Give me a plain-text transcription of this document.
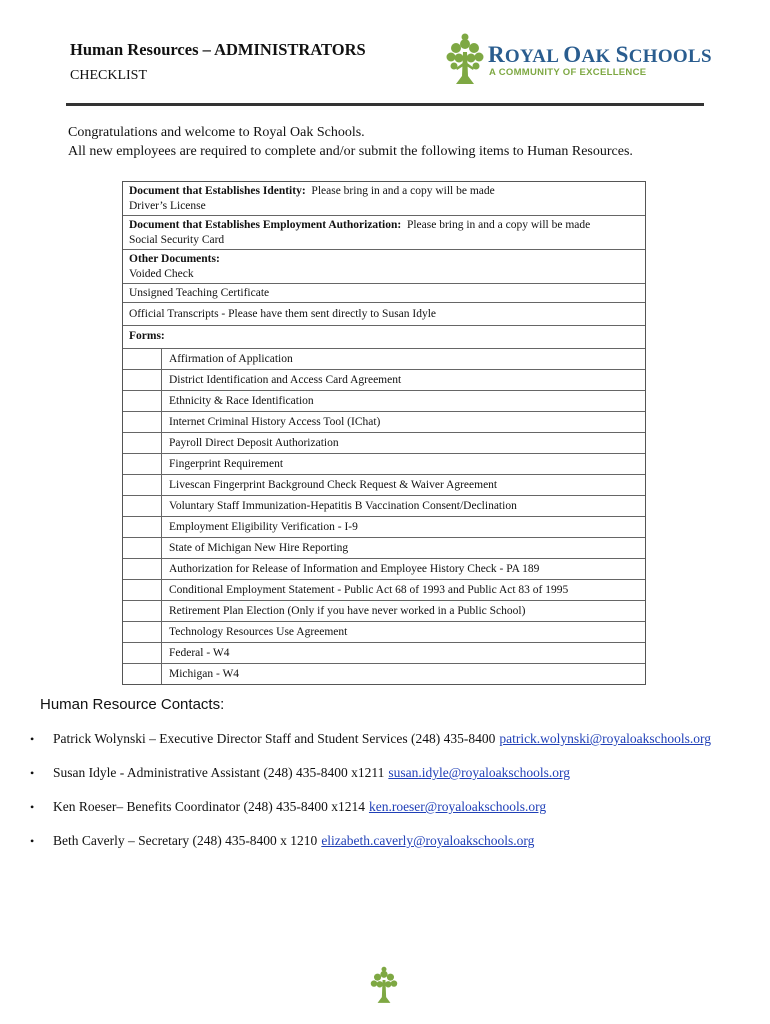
Human Resources – ADMINISTRATORS
CHECKLIST
ROYAL OAK SCHOOLS
A COMMUNITY OF EXCELLENCE
Congratulations and welcome to Royal Oak Schools.
All new employees are required to complete and/or submit the following items to Human Resources.
Document that Establishes Identity: Please bring in and a copy will be made
Driver’s License
Document that Establishes Employment Authorization: Please bring in and a copy will be made
Social Security Card
Other Documents:
Voided Check
Unsigned Teaching Certificate
Official Transcripts - Please have them sent directly to Susan Idyle
Forms:
Affirmation of Application
District Identification and Access Card Agreement
Ethnicity & Race Identification
Internet Criminal History Access Tool (IChat)
Payroll Direct Deposit Authorization
Fingerprint Requirement
Livescan Fingerprint Background Check Request & Waiver Agreement
Voluntary Staff Immunization-Hepatitis B Vaccination Consent/Declination
Employment Eligibility Verification - I-9
State of Michigan New Hire Reporting
Authorization for Release of Information and Employee History Check - PA 189
Conditional Employment Statement - Public Act 68 of 1993 and Public Act 83 of 1995
Retirement Plan Election (Only if you have never worked in a Public School)
Technology Resources Use Agreement
Federal - W4
Michigan - W4
Human Resource Contacts:
• Patrick Wolynski – Executive Director Staff and Student Services (248) 435-8400 patrick.wolynski@royaloakschools.org
• Susan Idyle - Administrative Assistant (248) 435-8400 x1211 susan.idyle@royaloakschools.org
• Ken Roeser– Benefits Coordinator (248) 435-8400 x1214 ken.roeser@royaloakschools.org
• Beth Caverly – Secretary (248) 435-8400 x 1210 elizabeth.caverly@royaloakschools.org
